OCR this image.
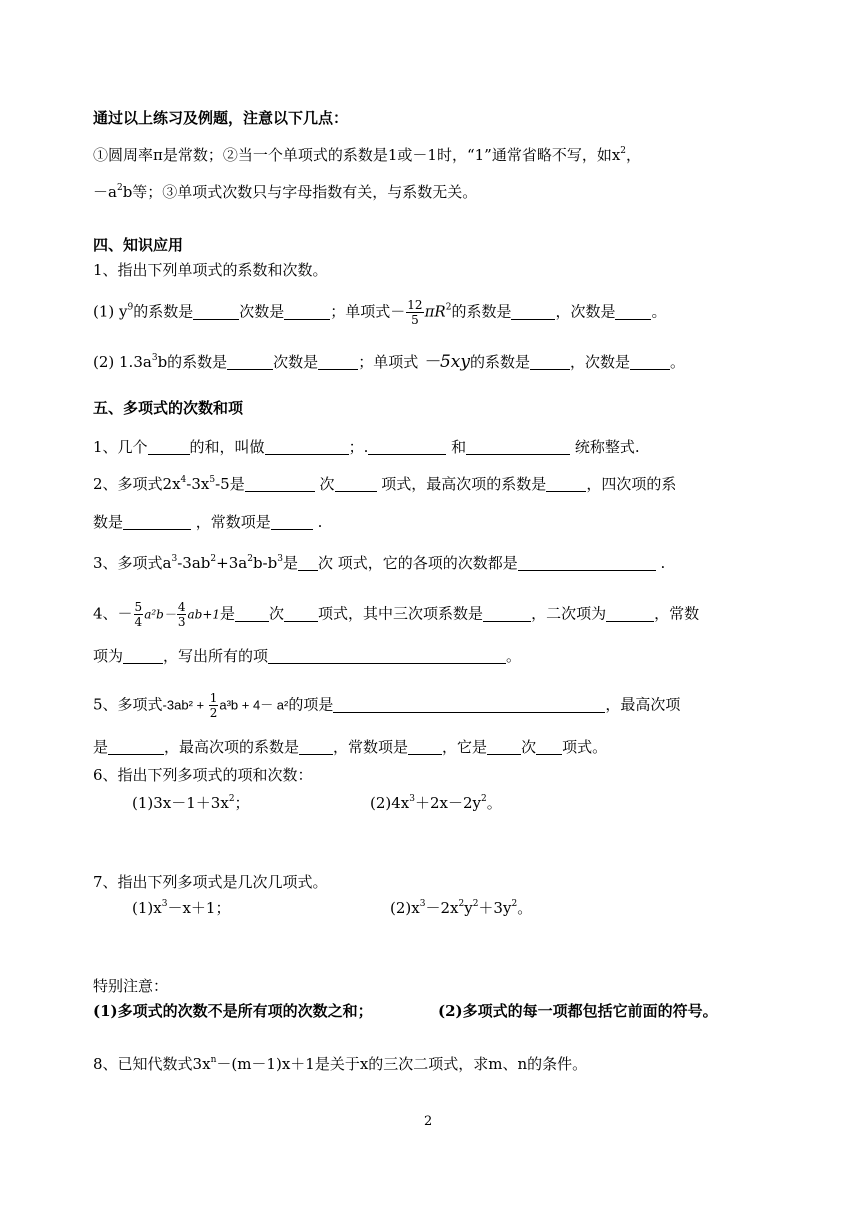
通过以上练习及例题，注意以下几点：
①圆周率π是常数；②当一个单项式的系数是1或－1时，“1”通常省略不写，如$x^2$，
$-a^2b$等；③单项式次数只与字母指数有关，与系数无关。
四、知识应用
1、指出下列单项式的系数和次数。
(1) $y^9$的系数是	次数是	；单项式－ $\frac{12}{5} \pi R^2$的系数是	，次数是 。
(2) $1.3a^3b$的系数是	次数是	；单项式 －5xy的系数是	，次数是	。
五、多项式的次数和项
1、几个	的和，叫做	；.	和	统称整式.
2、多项式$2x^4-3x^5-5$是	次	项式，最高次项的系数是	，四次项的系
数是	，常数项是	.
3、多项式$a^3-3ab^2+3a^2b-b^3$是 次 项式，它的各项的次数都是	.
4、－ $\frac{5}{4} a^2b- \frac{4}{3} ab+1$是 次 项式，其中三次项系数是	，二次项为	，常数
项为	，写出所有的项	。
5、多项式$-3ab^2 + \frac{1}{2} a^3b + 4- a^2$的项是	，最高次项
是	，最高次项的系数是 ，常数项是 ，它是 次 项式。
6、指出下列多项式的项和次数：
$(1)3x-1+3x^2$；	$(2)4x^3+2x-2y^2$。
7、指出下列多项式是几次几项式。
$(1)x^3-x+1$；	$(2)x^3-2x^2y^2+3y^2$。
特别注意：
(1)多项式的次数不是所有项的次数之和；	(2)多项式的每一项都包括它前面的符号。
8、已知代数式$3x^n-(m-1)x+1$是关于x的三次二项式，求m、n的条件。
2
